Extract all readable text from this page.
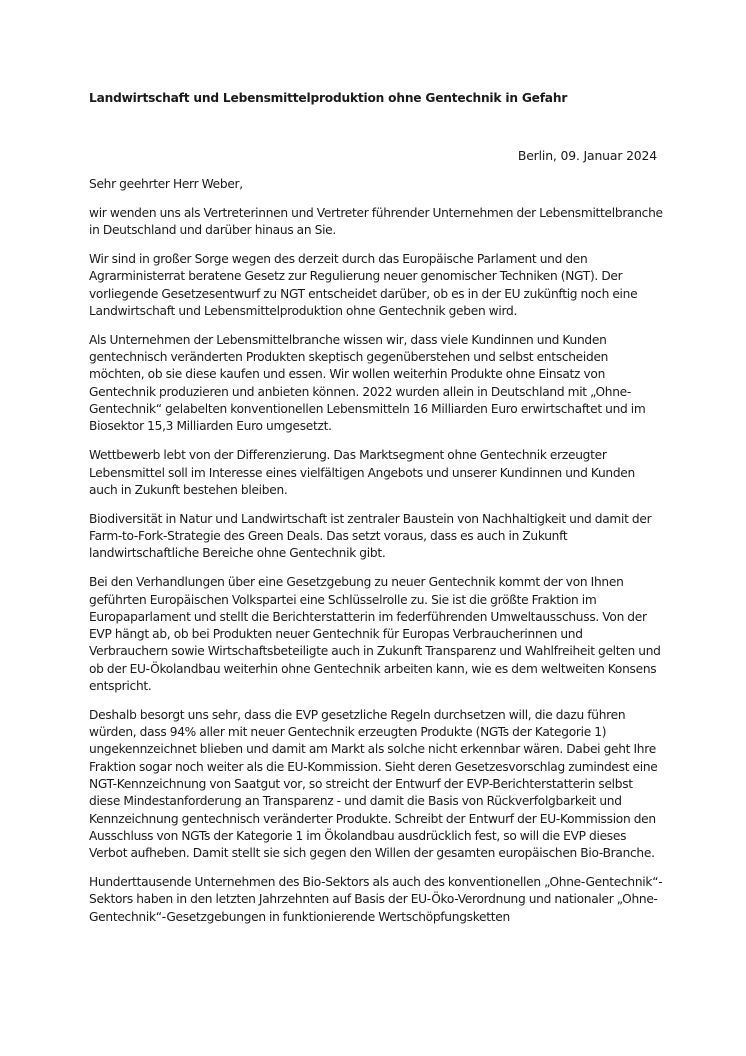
Landwirtschaft und Lebensmittelproduktion ohne Gentechnik in Gefahr

Berlin, 09. Januar 2024

Sehr geehrter Herr Weber,

wir wenden uns als Vertreterinnen und Vertreter führender Unternehmen der Lebensmittelbranche in Deutschland und darüber hinaus an Sie.

Wir sind in großer Sorge wegen des derzeit durch das Europäische Parlament und den Agrarministerrat beratene Gesetz zur Regulierung neuer genomischer Techniken (NGT). Der vorliegende Gesetzesentwurf zu NGT entscheidet darüber, ob es in der EU zukünftig noch eine Landwirtschaft und Lebensmittelproduktion ohne Gentechnik geben wird.

Als Unternehmen der Lebensmittelbranche wissen wir, dass viele Kundinnen und Kunden gentechnisch veränderten Produkten skeptisch gegenüberstehen und selbst entscheiden möchten, ob sie diese kaufen und essen. Wir wollen weiterhin Produkte ohne Einsatz von Gentechnik produzieren und anbieten können. 2022 wurden allein in Deutschland mit „Ohne-Gentechnik“ gelabelten konventionellen Lebensmitteln 16 Milliarden Euro erwirtschaftet und im Biosektor 15,3 Milliarden Euro umgesetzt.

Wettbewerb lebt von der Differenzierung. Das Marktsegment ohne Gentechnik erzeugter Lebensmittel soll im Interesse eines vielfältigen Angebots und unserer Kundinnen und Kunden auch in Zukunft bestehen bleiben.

Biodiversität in Natur und Landwirtschaft ist zentraler Baustein von Nachhaltigkeit und damit der Farm-to-Fork-Strategie des Green Deals. Das setzt voraus, dass es auch in Zukunft landwirtschaftliche Bereiche ohne Gentechnik gibt.

Bei den Verhandlungen über eine Gesetzgebung zu neuer Gentechnik kommt der von Ihnen geführten Europäischen Volkspartei eine Schlüsselrolle zu. Sie ist die größte Fraktion im Europaparlament und stellt die Berichterstatterin im federführenden Umweltausschuss. Von der EVP hängt ab, ob bei Produkten neuer Gentechnik für Europas Verbraucherinnen und Verbrauchern sowie Wirtschaftsbeteiligte auch in Zukunft Transparenz und Wahlfreiheit gelten und ob der EU-Ökolandbau weiterhin ohne Gentechnik arbeiten kann, wie es dem weltweiten Konsens entspricht.

Deshalb besorgt uns sehr, dass die EVP gesetzliche Regeln durchsetzen will, die dazu führen würden, dass 94% aller mit neuer Gentechnik erzeugten Produkte (NGTs der Kategorie 1) ungekennzeichnet blieben und damit am Markt als solche nicht erkennbar wären. Dabei geht Ihre Fraktion sogar noch weiter als die EU-Kommission. Sieht deren Gesetzesvorschlag zumindest eine NGT-Kennzeichnung von Saatgut vor, so streicht der Entwurf der EVP-Berichterstatterin selbst diese Mindestanforderung an Transparenz - und damit die Basis von Rückverfolgbarkeit und Kennzeichnung gentechnisch veränderter Produkte. Schreibt der Entwurf der EU-Kommission den Ausschluss von NGTs der Kategorie 1 im Ökolandbau ausdrücklich fest, so will die EVP dieses Verbot aufheben. Damit stellt sie sich gegen den Willen der gesamten europäischen Bio-Branche.

Hunderttausende Unternehmen des Bio-Sektors als auch des konventionellen „Ohne-Gentechnik“-Sektors haben in den letzten Jahrzehnten auf Basis der EU-Öko-Verordnung und nationaler „Ohne-Gentechnik“-Gesetzgebungen in funktionierende Wertschöpfungsketten
